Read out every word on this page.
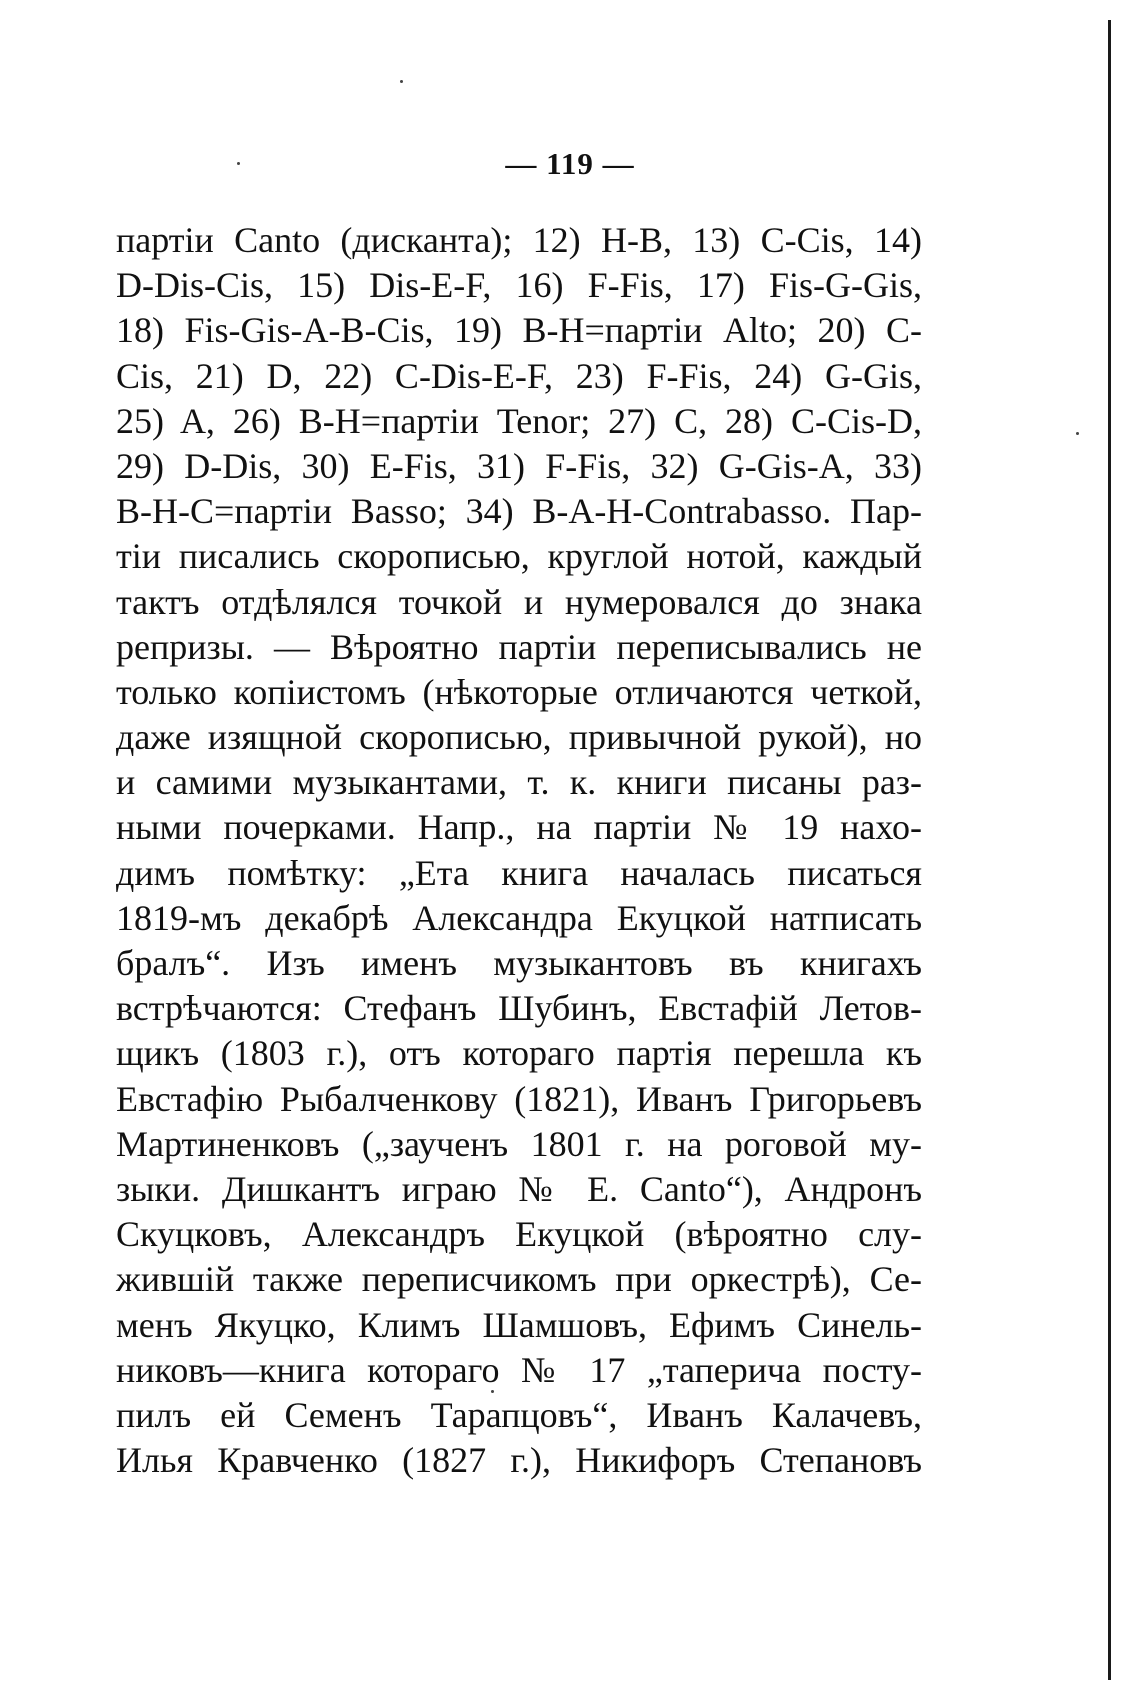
— 119 —
партіи Canto (дисканта); 12) H-B, 13) C-Cis, 14)
D-Dis-Cis, 15) Dis-E-F, 16) F-Fis, 17) Fis-G-Gis,
18) Fis-Gis-A-B-Cis, 19) B-H=партіи Alto; 20) C-
Cis, 21) D, 22) C-Dis-E-F, 23) F-Fis, 24) G-Gis,
25) A, 26) B-H=партіи Tenor; 27) C, 28) C-Cis-D,
29) D-Dis, 30) E-Fis, 31) F-Fis, 32) G-Gis-A, 33)
B-H-C=партіи Basso; 34) B-A-H-Contrabasso. Пар-
тіи писались скорописью, круглой нотой, каждый
тактъ отдѣлялся точкой и нумеровался до знака
репризы. — Вѣроятно партіи переписывались не
только копіистомъ (нѣкоторые отличаются четкой,
даже изящной скорописью, привычной рукой), но
и самими музыкантами, т. к. книги писаны раз-
ными почерками. Напр., на партіи № 19 нахо-
димъ помѣтку: „Ета книга началась писаться
1819-мъ декабрѣ Александра Екуцкой натписать
бралъ“. Изъ именъ музыкантовъ въ книгахъ
встрѣчаются: Стефанъ Шубинъ, Евстафій Летов-
щикъ (1803 г.), отъ котораго партія перешла къ
Евстафію Рыбалченкову (1821), Иванъ Григорьевъ
Мартиненковъ („заученъ 1801 г. на роговой му-
зыки. Дишкантъ играю № E. Canto“), Андронъ
Скуцковъ, Александръ Екуцкой (вѣроятно слу-
жившій также переписчикомъ при оркестрѣ), Се-
менъ Якуцко, Климъ Шамшовъ, Ефимъ Синель-
никовъ—книга котораго № 17 „таперича посту-
пилъ ей Семенъ Тарапцовъ“, Иванъ Калачевъ,
Илья Кравченко (1827 г.), Никифоръ Степановъ
